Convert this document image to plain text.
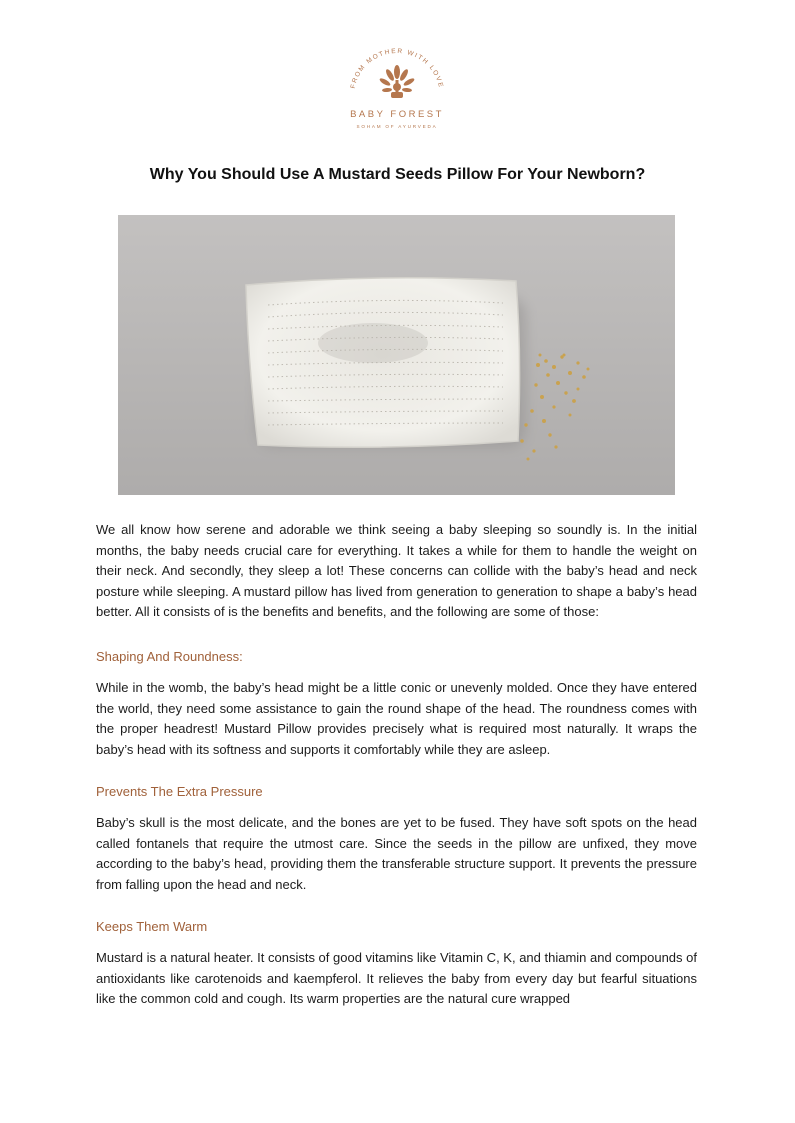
FROM MOTHER WITH LOVE
BABY FOREST
SOHAM OF AYURVEDA
Why You Should Use A Mustard Seeds Pillow For Your Newborn?

We all know how serene and adorable we think seeing a baby sleeping so soundly is. In the initial months, the baby needs crucial care for everything. It takes a while for them to handle the weight on their neck. And secondly, they sleep a lot! These concerns can collide with the baby’s head and neck posture while sleeping. A mustard pillow has lived from generation to generation to shape a baby’s head better. All it consists of is the benefits and benefits, and the following are some of those:

Shaping And Roundness:

While in the womb, the baby’s head might be a little conic or unevenly molded. Once they have entered the world, they need some assistance to gain the round shape of the head. The roundness comes with the proper headrest! Mustard Pillow provides precisely what is required most naturally. It wraps the baby’s head with its softness and supports it comfortably while they are asleep.

Prevents The Extra Pressure

Baby’s skull is the most delicate, and the bones are yet to be fused. They have soft spots on the head called fontanels that require the utmost care. Since the seeds in the pillow are unfixed, they move according to the baby’s head, providing them the transferable structure support. It prevents the pressure from falling upon the head and neck.

Keeps Them Warm

Mustard is a natural heater. It consists of good vitamins like Vitamin C, K, and thiamin and compounds of antioxidants like carotenoids and kaempferol. It relieves the baby from every day but fearful situations like the common cold and cough. Its warm properties are the natural cure wrapped
